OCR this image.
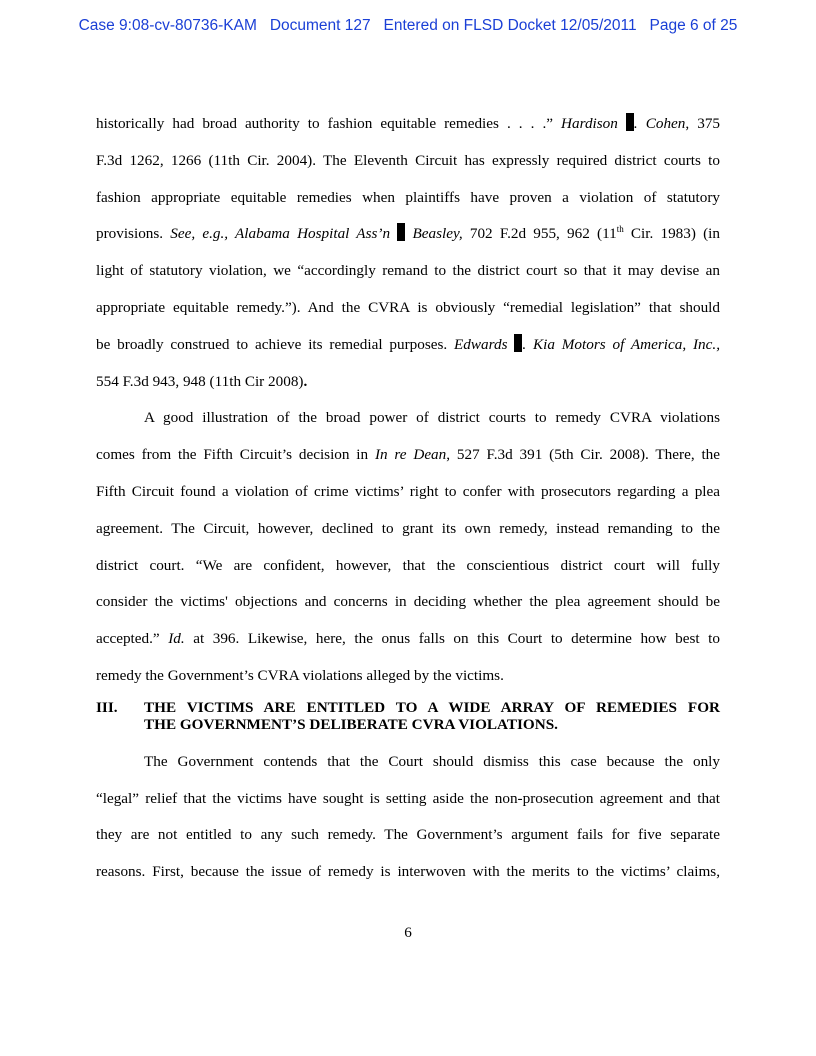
Case 9:08-cv-80736-KAM   Document 127   Entered on FLSD Docket 12/05/2011   Page 6 of 25
historically had broad authority to fashion equitable remedies . . . .” Hardison . Cohen, 375
F.3d 1262, 1266 (11th Cir. 2004). The Eleventh Circuit has expressly required district courts to
fashion appropriate equitable remedies when plaintiffs have proven a violation of statutory
provisions. See, e.g., Alabama Hospital Ass’n  Beasley, 702 F.2d 955, 962 (11th Cir. 1983) (in
light of statutory violation, we “accordingly remand to the district court so that it may devise an
appropriate equitable remedy.”). And the CVRA is obviously “remedial legislation” that should
be broadly construed to achieve its remedial purposes. Edwards . Kia Motors of America, Inc.,
554 F.3d 943, 948 (11th Cir 2008).
A good illustration of the broad power of district courts to remedy CVRA violations
comes from the Fifth Circuit’s decision in In re Dean, 527 F.3d 391 (5th Cir. 2008). There, the
Fifth Circuit found a violation of crime victims’ right to confer with prosecutors regarding a plea
agreement. The Circuit, however, declined to grant its own remedy, instead remanding to the
district court. “We are confident, however, that the conscientious district court will fully
consider the victims' objections and concerns in deciding whether the plea agreement should be
accepted.” Id. at 396. Likewise, here, the onus falls on this Court to determine how best to
remedy the Government’s CVRA violations alleged by the victims.
III.	THE VICTIMS ARE ENTITLED TO A WIDE ARRAY OF REMEDIES FOR
THE GOVERNMENT’S DELIBERATE CVRA VIOLATIONS.
The Government contends that the Court should dismiss this case because the only
“legal” relief that the victims have sought is setting aside the non-prosecution agreement and that
they are not entitled to any such remedy. The Government’s argument fails for five separate
reasons. First, because the issue of remedy is interwoven with the merits to the victims’ claims,
6
